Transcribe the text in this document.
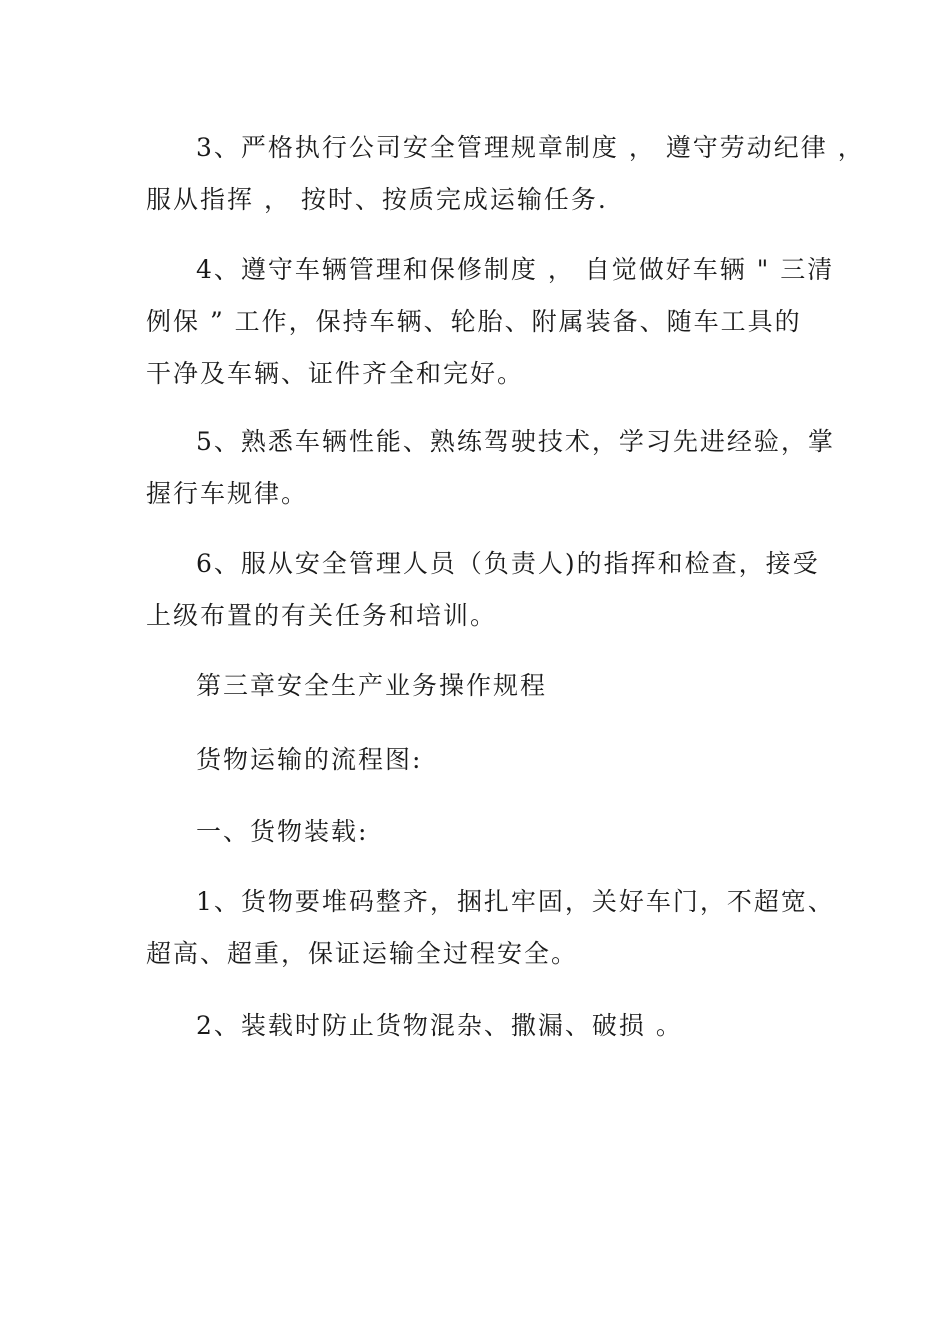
3、严格执行公司安全管理规章制度 ， 遵守劳动纪律 ，
服从指挥 ， 按时、按质完成运输任务.
4、遵守车辆管理和保修制度 ， 自觉做好车辆 " 三清
例保 ” 工作，保持车辆、轮胎、附属装备、随车工具的
干净及车辆、证件齐全和完好。
5、熟悉车辆性能、熟练驾驶技术，学习先进经验，掌
握行车规律。
6、服从安全管理人员（负责人)的指挥和检查，接受
上级布置的有关任务和培训。
第三章安全生产业务操作规程
货物运输的流程图:
一、货物装载:
1、货物要堆码整齐，捆扎牢固，关好车门，不超宽、
超高、超重，保证运输全过程安全。
2、装载时防止货物混杂、撒漏、破损 。
